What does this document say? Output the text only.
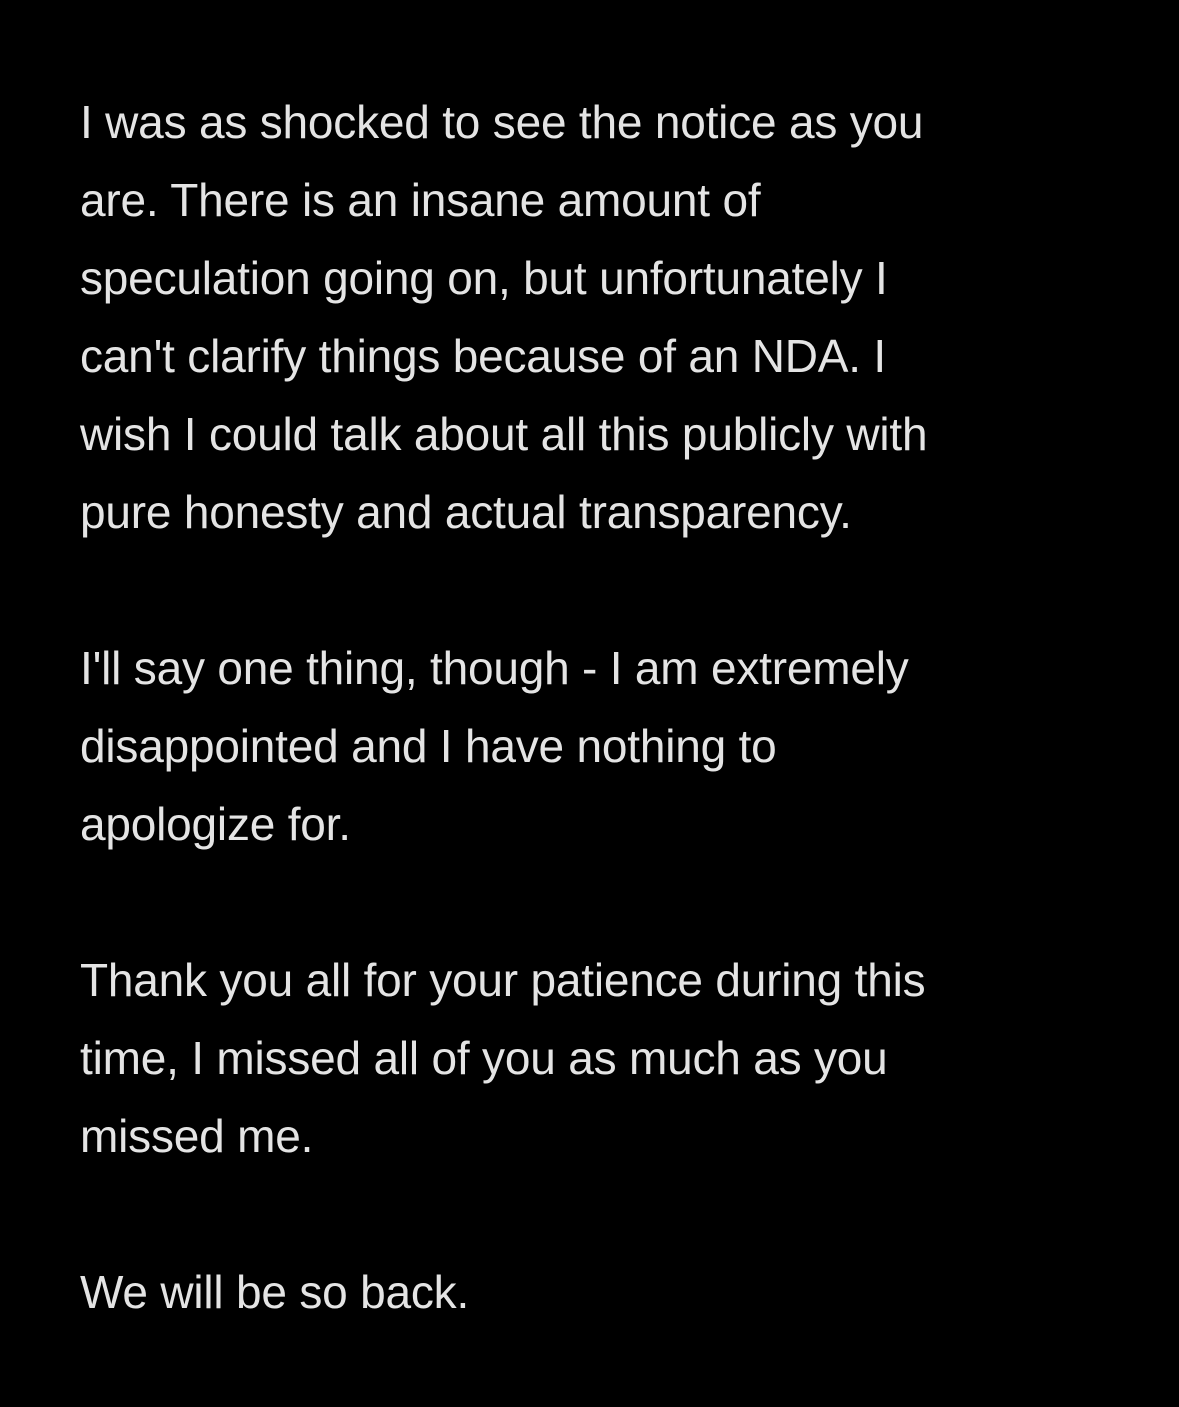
I was as shocked to see the notice as you
are. There is an insane amount of
speculation going on, but unfortunately I
can't clarify things because of an NDA. I
wish I could talk about all this publicly with
pure honesty and actual transparency.

I'll say one thing, though - I am extremely
disappointed and I have nothing to
apologize for.

Thank you all for your patience during this
time, I missed all of you as much as you
missed me.

We will be so back.
